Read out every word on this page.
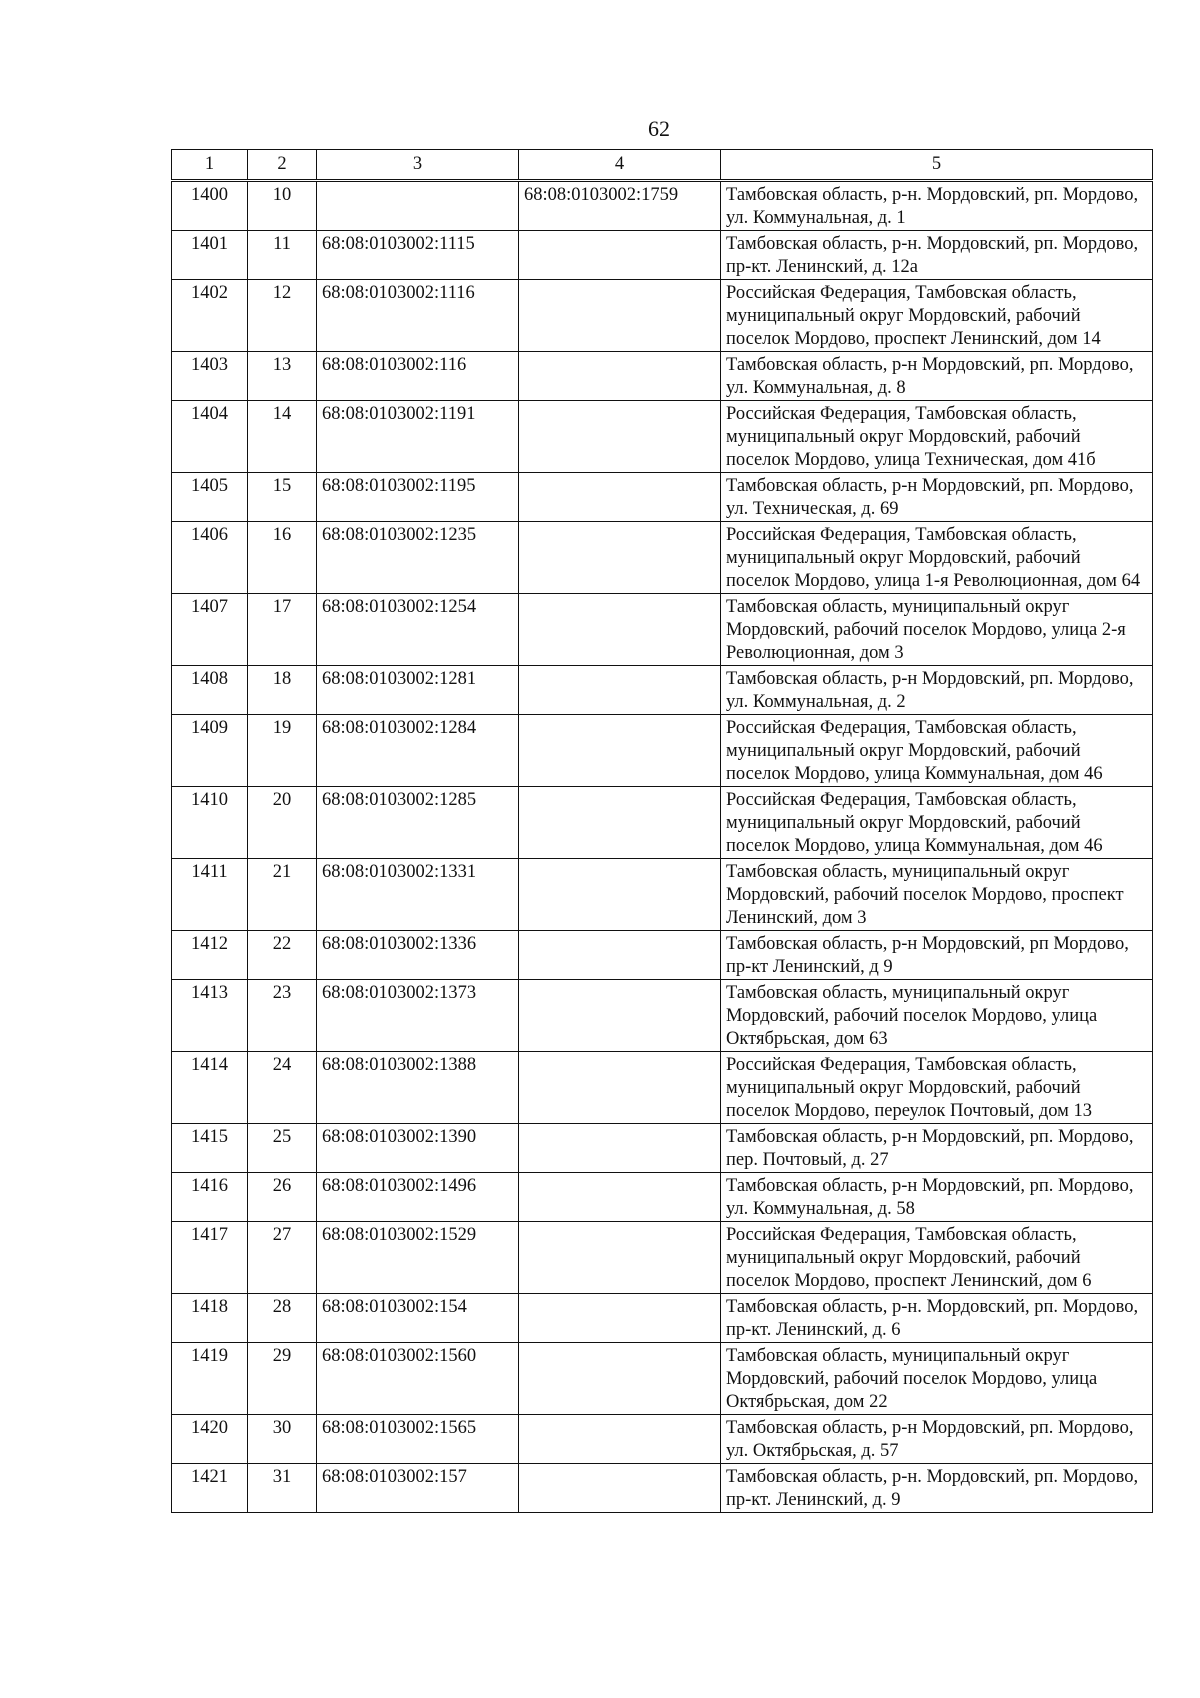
62
1	2	3	4	5
1400	10		68:08:0103002:1759	Тамбовская область, р-н. Мордовский, рп. Мордово, ул. Коммунальная, д. 1
1401	11	68:08:0103002:1115		Тамбовская область, р-н. Мордовский, рп. Мордово, пр-кт. Ленинский, д. 12а
1402	12	68:08:0103002:1116		Российская Федерация, Тамбовская область, муниципальный округ Мордовский, рабочий поселок Мордово, проспект Ленинский, дом 14
1403	13	68:08:0103002:116		Тамбовская область, р-н Мордовский, рп. Мордово, ул. Коммунальная, д. 8
1404	14	68:08:0103002:1191		Российская Федерация, Тамбовская область, муниципальный округ Мордовский, рабочий поселок Мордово, улица Техническая, дом 41б
1405	15	68:08:0103002:1195		Тамбовская область, р-н Мордовский, рп. Мордово, ул. Техническая, д. 69
1406	16	68:08:0103002:1235		Российская Федерация, Тамбовская область, муниципальный округ Мордовский, рабочий поселок Мордово, улица 1-я Революционная, дом 64
1407	17	68:08:0103002:1254		Тамбовская область, муниципальный округ Мордовский, рабочий поселок Мордово, улица 2-я Революционная, дом 3
1408	18	68:08:0103002:1281		Тамбовская область, р-н Мордовский, рп. Мордово, ул. Коммунальная, д. 2
1409	19	68:08:0103002:1284		Российская Федерация, Тамбовская область, муниципальный округ Мордовский, рабочий поселок Мордово, улица Коммунальная, дом 46
1410	20	68:08:0103002:1285		Российская Федерация, Тамбовская область, муниципальный округ Мордовский, рабочий поселок Мордово, улица Коммунальная, дом 46
1411	21	68:08:0103002:1331		Тамбовская область, муниципальный округ Мордовский, рабочий поселок Мордово, проспект Ленинский, дом 3
1412	22	68:08:0103002:1336		Тамбовская область, р-н Мордовский, рп Мордово, пр-кт Ленинский, д 9
1413	23	68:08:0103002:1373		Тамбовская область, муниципальный округ Мордовский, рабочий поселок Мордово, улица Октябрьская, дом 63
1414	24	68:08:0103002:1388		Российская Федерация, Тамбовская область, муниципальный округ Мордовский, рабочий поселок Мордово, переулок Почтовый, дом 13
1415	25	68:08:0103002:1390		Тамбовская область, р-н Мордовский, рп. Мордово, пер. Почтовый, д. 27
1416	26	68:08:0103002:1496		Тамбовская область, р-н Мордовский, рп. Мордово, ул. Коммунальная, д. 58
1417	27	68:08:0103002:1529		Российская Федерация, Тамбовская область, муниципальный округ Мордовский, рабочий поселок Мордово, проспект Ленинский, дом 6
1418	28	68:08:0103002:154		Тамбовская область, р-н. Мордовский, рп. Мордово, пр-кт. Ленинский, д. 6
1419	29	68:08:0103002:1560		Тамбовская область, муниципальный округ Мордовский, рабочий поселок Мордово, улица Октябрьская, дом 22
1420	30	68:08:0103002:1565		Тамбовская область, р-н Мордовский, рп. Мордово, ул. Октябрьская, д. 57
1421	31	68:08:0103002:157		Тамбовская область, р-н. Мордовский, рп. Мордово, пр-кт. Ленинский, д. 9
